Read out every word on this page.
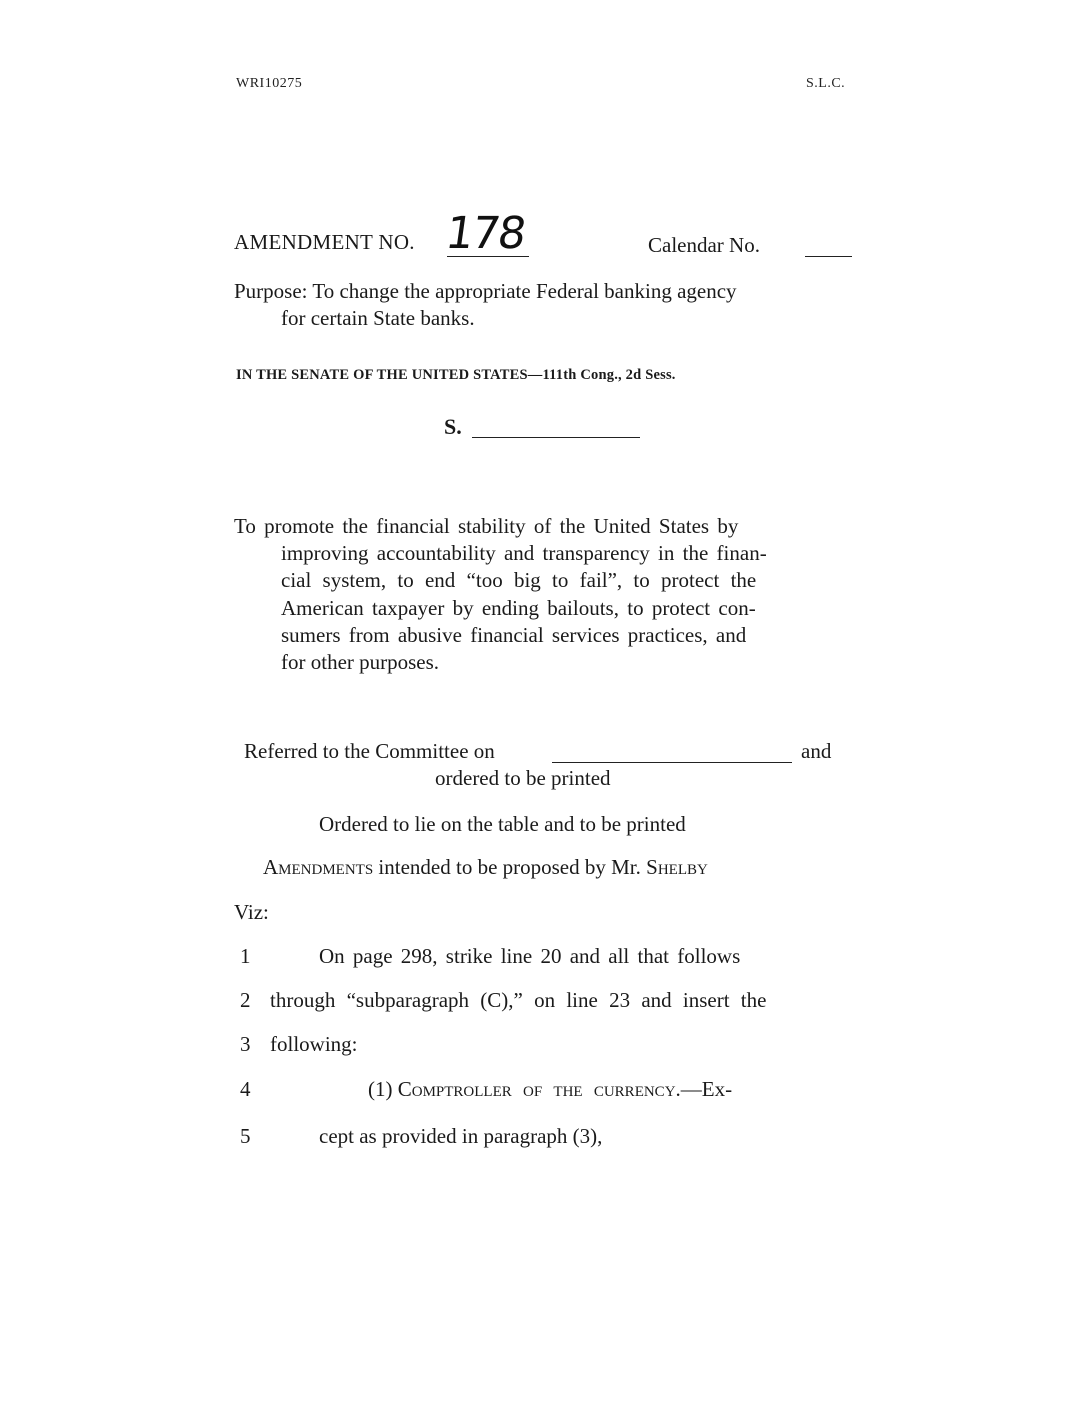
WRI10275	S.L.C.
AMENDMENT NO. 178	Calendar No.
Purpose: To change the appropriate Federal banking agency
for certain State banks.
IN THE SENATE OF THE UNITED STATES—111th Cong., 2d Sess.
S.
To promote the financial stability of the United States by
improving accountability and transparency in the finan-
cial system, to end “too big to fail”, to protect the
American taxpayer by ending bailouts, to protect con-
sumers from abusive financial services practices, and
for other purposes.
Referred to the Committee on	and
ordered to be printed
Ordered to lie on the table and to be printed
Amendments intended to be proposed by Mr. Shelby
Viz:
1	On page 298, strike line 20 and all that follows
2 through “subparagraph (C),” on line 23 and insert the
3 following:
4	(1) Comptroller of the currency.—Ex-
5	cept as provided in paragraph (3),
